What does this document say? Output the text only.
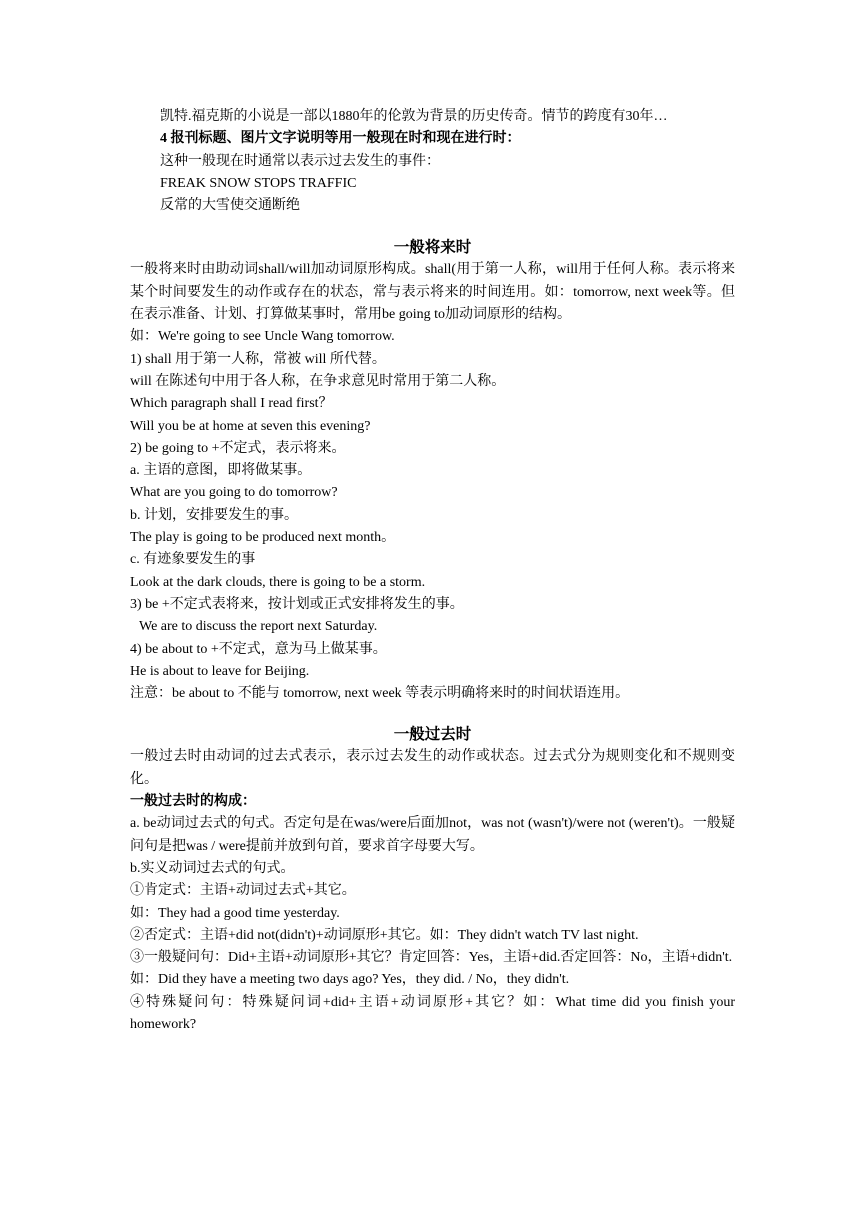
凯特.福克斯的小说是一部以1880年的伦敦为背景的历史传奇。情节的跨度有30年…
4 报刊标题、图片文字说明等用一般现在时和现在进行时：
这种一般现在时通常以表示过去发生的事件：
FREAK SNOW STOPS TRAFFIC
反常的大雪使交通断绝
一般将来时
一般将来时由助动词shall/will加动词原形构成。shall(用于第一人称，will用于任何人称。表示将来某个时间要发生的动作或存在的状态，常与表示将来的时间连用。如：tomorrow, next week等。但在表示准备、计划、打算做某事时，常用be going to加动词原形的结构。
如：We're going to see Uncle Wang tomorrow.
1) shall 用于第一人称，常被 will 所代替。
will 在陈述句中用于各人称，在争求意见时常用于第二人称。
Which paragraph shall I read first？
Will you be at home at seven this evening?
2) be going to +不定式，表示将来。
a. 主语的意图，即将做某事。
What are you going to do tomorrow?
b. 计划，安排要发生的事。
The play is going to be produced next month。
c. 有迹象要发生的事
Look at the dark clouds, there is going to be a storm.
3) be +不定式表将来，按计划或正式安排将发生的事。
We are to discuss the report next Saturday.
4) be about to +不定式，意为马上做某事。
He is about to leave for Beijing.
注意：be about to 不能与 tomorrow, next week 等表示明确将来时的时间状语连用。
一般过去时
一般过去时由动词的过去式表示，表示过去发生的动作或状态。过去式分为规则变化和不规则变化。
一般过去时的构成：
a. be动词过去式的句式。否定句是在was/were后面加not，was not (wasn't)/were not (weren't)。一般疑问句是把was / were提前并放到句首，要求首字母要大写。
b.实义动词过去式的句式。
①肯定式：主语+动词过去式+其它。
如：They had a good time yesterday.
②否定式：主语+did not(didn't)+动词原形+其它。如：They didn't watch TV last night.
③一般疑问句：Did+主语+动词原形+其它？肯定回答：Yes，主语+did.否定回答：No，主语+didn't.
如：Did they have a meeting two days ago? Yes，they did. / No，they didn't.
④特殊疑问句：特殊疑问词+did+主语+动词原形+其它？如：What time did you finish your homework?
